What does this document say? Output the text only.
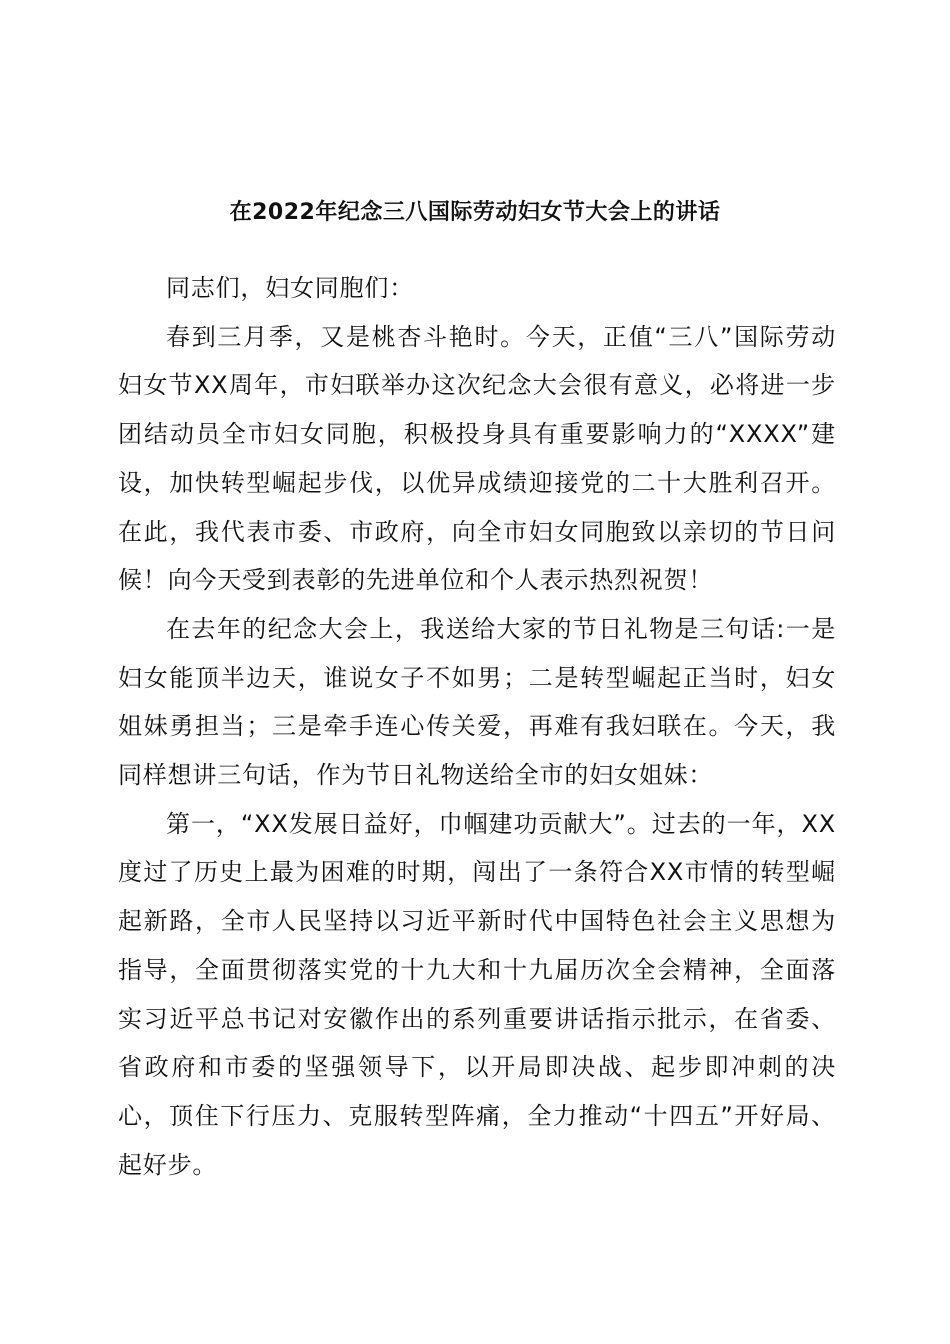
在2022年纪念三八国际劳动妇女节大会上的讲话

同志们，妇女同胞们：

春到三月季，又是桃杏斗艳时。今天，正值“三八”国际劳动妇女节XX周年，市妇联举办这次纪念大会很有意义，必将进一步团结动员全市妇女同胞，积极投身具有重要影响力的“XXXX”建设，加快转型崛起步伐，以优异成绩迎接党的二十大胜利召开。在此，我代表市委、市政府，向全市妇女同胞致以亲切的节日问候！向今天受到表彰的先进单位和个人表示热烈祝贺！

在去年的纪念大会上，我送给大家的节日礼物是三句话:一是妇女能顶半边天，谁说女子不如男；二是转型崛起正当时，妇女姐妹勇担当；三是牵手连心传关爱，再难有我妇联在。今天，我同样想讲三句话，作为节日礼物送给全市的妇女姐妹：

第一，“XX发展日益好，巾帼建功贡献大”。过去的一年，XX度过了历史上最为困难的时期，闯出了一条符合XX市情的转型崛起新路，全市人民坚持以习近平新时代中国特色社会主义思想为指导，全面贯彻落实党的十九大和十九届历次全会精神，全面落实习近平总书记对安徽作出的系列重要讲话指示批示，在省委、省政府和市委的坚强领导下，以开局即决战、起步即冲刺的决心，顶住下行压力、克服转型阵痛，全力推动“十四五”开好局、起好步。
